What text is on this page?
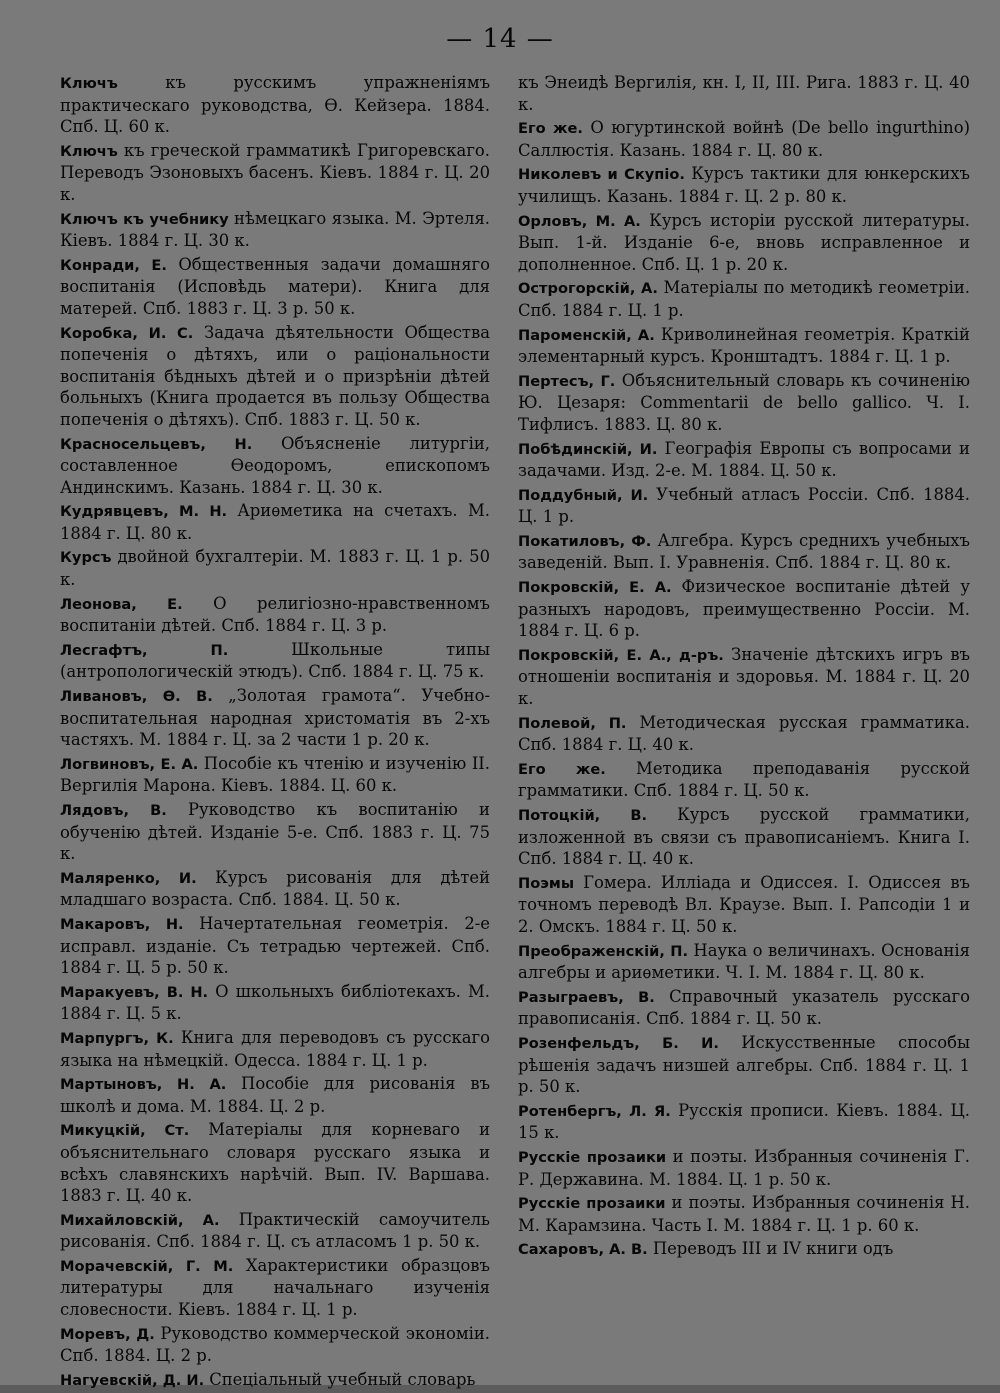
— 14 —

Ключъ	къ русскимъ упражненіямъ практическаго руководства, Ѳ. Кейзера. 1884. Спб. Ц. 60 к.

Ключъ къ греческой грамматикѣ Григоревскаго. Переводъ Эзоновыхъ басенъ. Кіевъ. 1884 г. Ц. 20 к.

Ключъ къ учебнику нѣмецкаго языка. М. Эртеля. Кіевъ. 1884 г. Ц. 30 к.

Конради, Е. Общественныя задачи домашняго воспитанія (Исповѣдь матери). Книга для матерей. Спб. 1883 г. Ц. 3 р. 50 к.

Коробка, И. С. Задача дѣятельности Общества попеченія о дѣтяхъ, или о раціональности воспитанія бѣдныхъ дѣтей и о призрѣніи дѣтей больныхъ (Книга продается въ пользу Общества попеченія о дѣтяхъ). Спб. 1883 г. Ц. 50 к.

Красносельцевъ, Н. Объясненіе литургіи, составленное Ѳеодоромъ, епископомъ Андинскимъ. Казань. 1884 г. Ц. 30 к.

Кудрявцевъ, М. Н. Ариѳметика на счетахъ. М. 1884 г. Ц. 80 к.

Курсъ двойной бухгалтеріи. М. 1883 г. Ц. 1 р. 50 к.

Леонова, Е. О религіозно-нравственномъ воспитаніи дѣтей. Спб. 1884 г. Ц. 3 р.

Лесгафтъ, П.	Школьные типы (антропологическій этюдъ). Спб. 1884 г. Ц. 75 к.

Ливановъ, Ѳ. В. „Золотая грамота“. Учебно-воспитательная народная христоматія въ 2-хъ частяхъ. М. 1884 г. Ц. за 2 части 1 р. 20 к.

Логвиновъ, Е. А. Пособіе къ чтенію и изученію II. Вергилія Марона. Кіевъ. 1884. Ц. 60 к.

Лядовъ, В. Руководство къ воспитанію и обученію дѣтей. Изданіе 5-е. Спб. 1883 г. Ц. 75 к.

Маляренко, И. Курсъ рисованія для дѣтей младшаго возраста. Спб. 1884. Ц. 50 к.

Макаровъ, Н. Начертательная геометрія. 2-е исправл. изданіе. Съ тетрадью чертежей. Спб. 1884 г. Ц. 5 р. 50 к.

Маракуевъ, В. Н. О школьныхъ библіотекахъ. М. 1884 г. Ц. 5 к.

Марпургъ, К. Книга для переводовъ съ русскаго языка на нѣмецкій. Одесса. 1884 г. Ц. 1 р.

Мартыновъ, Н. А. Пособіе для рисованія въ школѣ и дома. М. 1884. Ц. 2 р.

Микуцкій, Ст. Матеріалы для корневаго и объяснительнаго словаря русскаго языка и всѣхъ славянскихъ нарѣчій. Вып. IV. Варшава. 1883 г. Ц. 40 к.

Михайловскій, А. Практическій самоучитель рисованія. Спб. 1884 г. Ц. съ атласомъ 1 р. 50 к.

Морачевскій, Г. М. Характеристики образцовъ литературы для начальнаго изученія словесности. Кіевъ. 1884 г. Ц. 1 р.

Моревъ, Д. Руководство коммерческой экономіи. Спб. 1884. Ц. 2 р.

Нагуевскій, Д. И. Спеціальный учебный словарь

къ Энеидѣ Вергилія, кн. I, II, III. Рига. 1883 г. Ц. 40 к.

Его же. О югуртинской войнѣ (De bello ingurthino) Саллюстія. Казань. 1884 г. Ц. 80 к.

Николевъ и Скупіо. Курсъ тактики для юнкерскихъ училищъ. Казань. 1884 г. Ц. 2 р. 80 к.

Орловъ, М. А. Курсъ исторіи русской литературы. Вып. 1-й. Изданіе 6-е, вновь исправленное и дополненное. Спб. Ц. 1 р. 20 к.

Острогорскій, А. Матеріалы по методикѣ геометріи. Спб. 1884 г. Ц. 1 р.

Пароменскій, А. Криволинейная геометрія. Краткій элементарный курсъ. Кронштадтъ. 1884 г. Ц. 1 р.

Пертесъ, Г. Объяснительный словарь къ сочиненію Ю. Цезаря: Commentarii de bello gallico. Ч. I. Тифлисъ. 1883. Ц. 80 к.

Побѣдинскій, И. Географія Европы съ вопросами и задачами. Изд. 2-е. М. 1884. Ц. 50 к.

Поддубный, И. Учебный атласъ Россіи. Спб. 1884. Ц. 1 р.

Покатиловъ, Ф. Алгебра. Курсъ среднихъ учебныхъ заведеній. Вып. I. Уравненія. Спб. 1884 г. Ц. 80 к.

Покровскій, Е. А. Физическое воспитаніе дѣтей у разныхъ народовъ, преимущественно Россіи. М. 1884 г. Ц. 6 р.

Покровскій, Е. А., д-ръ. Значеніе дѣтскихъ игръ въ отношеніи воспитанія и здоровья. М. 1884 г. Ц. 20 к.

Полевой, П. Методическая русская грамматика. Спб. 1884 г. Ц. 40 к.

Его же. Методика преподаванія русской грамматики. Спб. 1884 г. Ц. 50 к.

Потоцкій, В. Курсъ русской грамматики, изложенной въ связи съ правописаніемъ. Книга I. Спб. 1884 г. Ц. 40 к.

Поэмы Гомера. Илліада и Одиссея. I. Одиссея въ точномъ переводѣ Вл. Краузе. Вып. I. Рапсодіи 1 и 2. Омскъ. 1884 г. Ц. 50 к.

Преображенскій, П. Наука о величинахъ. Основанія алгебры и ариѳметики. Ч. I. М. 1884 г. Ц. 80 к.

Разыграевъ, В. Справочный указатель русскаго правописанія. Спб. 1884 г. Ц. 50 к.

Розенфельдъ, Б. И. Искусственные способы рѣшенія задачъ низшей алгебры. Спб. 1884 г. Ц. 1 р. 50 к.

Ротенбергъ, Л. Я. Русскія прописи. Кіевъ. 1884. Ц. 15 к.

Русскіе прозаики и поэты. Избранныя сочиненія Г. Р. Державина. М. 1884. Ц. 1 р. 50 к.

Русскіе прозаики и поэты. Избранныя сочиненія Н. М. Карамзина. Часть I. М. 1884 г. Ц. 1 р. 60 к.

Сахаровъ, А. В. Переводъ III и IV книги одъ
